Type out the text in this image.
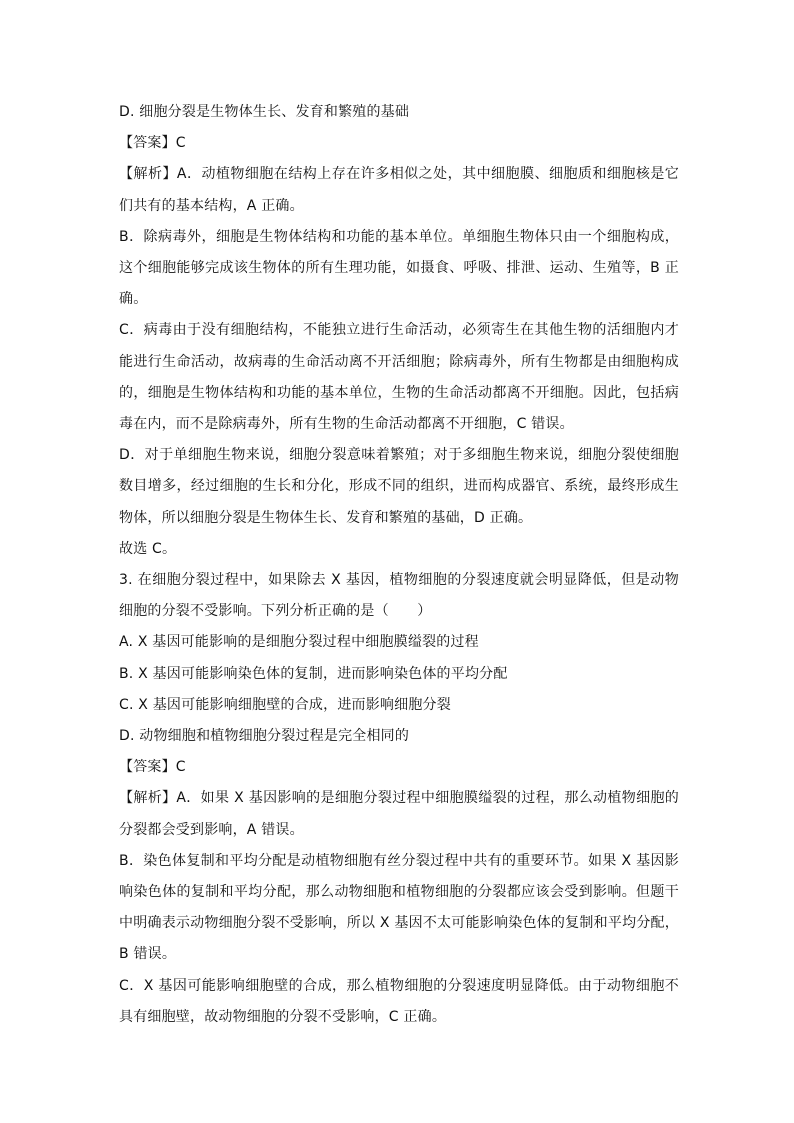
D. 细胞分裂是生物体生长、发育和繁殖的基础

【答案】C

【解析】A．动植物细胞在结构上存在许多相似之处，其中细胞膜、细胞质和细胞核是它们共有的基本结构，A 正确。

B．除病毒外，细胞是生物体结构和功能的基本单位。单细胞生物体只由一个细胞构成，这个细胞能够完成该生物体的所有生理功能，如摄食、呼吸、排泄、运动、生殖等，B 正确。

C．病毒由于没有细胞结构，不能独立进行生命活动，必须寄生在其他生物的活细胞内才能进行生命活动，故病毒的生命活动离不开活细胞；除病毒外，所有生物都是由细胞构成的，细胞是生物体结构和功能的基本单位，生物的生命活动都离不开细胞。因此，包括病毒在内，而不是除病毒外，所有生物的生命活动都离不开细胞，C 错误。

D．对于单细胞生物来说，细胞分裂意味着繁殖；对于多细胞生物来说，细胞分裂使细胞数目增多，经过细胞的生长和分化，形成不同的组织，进而构成器官、系统，最终形成生物体，所以细胞分裂是生物体生长、发育和繁殖的基础，D 正确。

故选 C。

3. 在细胞分裂过程中，如果除去 X 基因，植物细胞的分裂速度就会明显降低，但是动物细胞的分裂不受影响。下列分析正确的是（　　）

A. X 基因可能影响的是细胞分裂过程中细胞膜缢裂的过程

B. X 基因可能影响染色体的复制，进而影响染色体的平均分配

C. X 基因可能影响细胞壁的合成，进而影响细胞分裂

D. 动物细胞和植物细胞分裂过程是完全相同的

【答案】C

【解析】A．如果 X 基因影响的是细胞分裂过程中细胞膜缢裂的过程，那么动植物细胞的分裂都会受到影响，A 错误。

B．染色体复制和平均分配是动植物细胞有丝分裂过程中共有的重要环节。如果 X 基因影响染色体的复制和平均分配，那么动物细胞和植物细胞的分裂都应该会受到影响。但题干中明确表示动物细胞分裂不受影响，所以 X 基因不太可能影响染色体的复制和平均分配，B 错误。

C．X 基因可能影响细胞壁的合成，那么植物细胞的分裂速度明显降低。由于动物细胞不具有细胞壁，故动物细胞的分裂不受影响，C 正确。
